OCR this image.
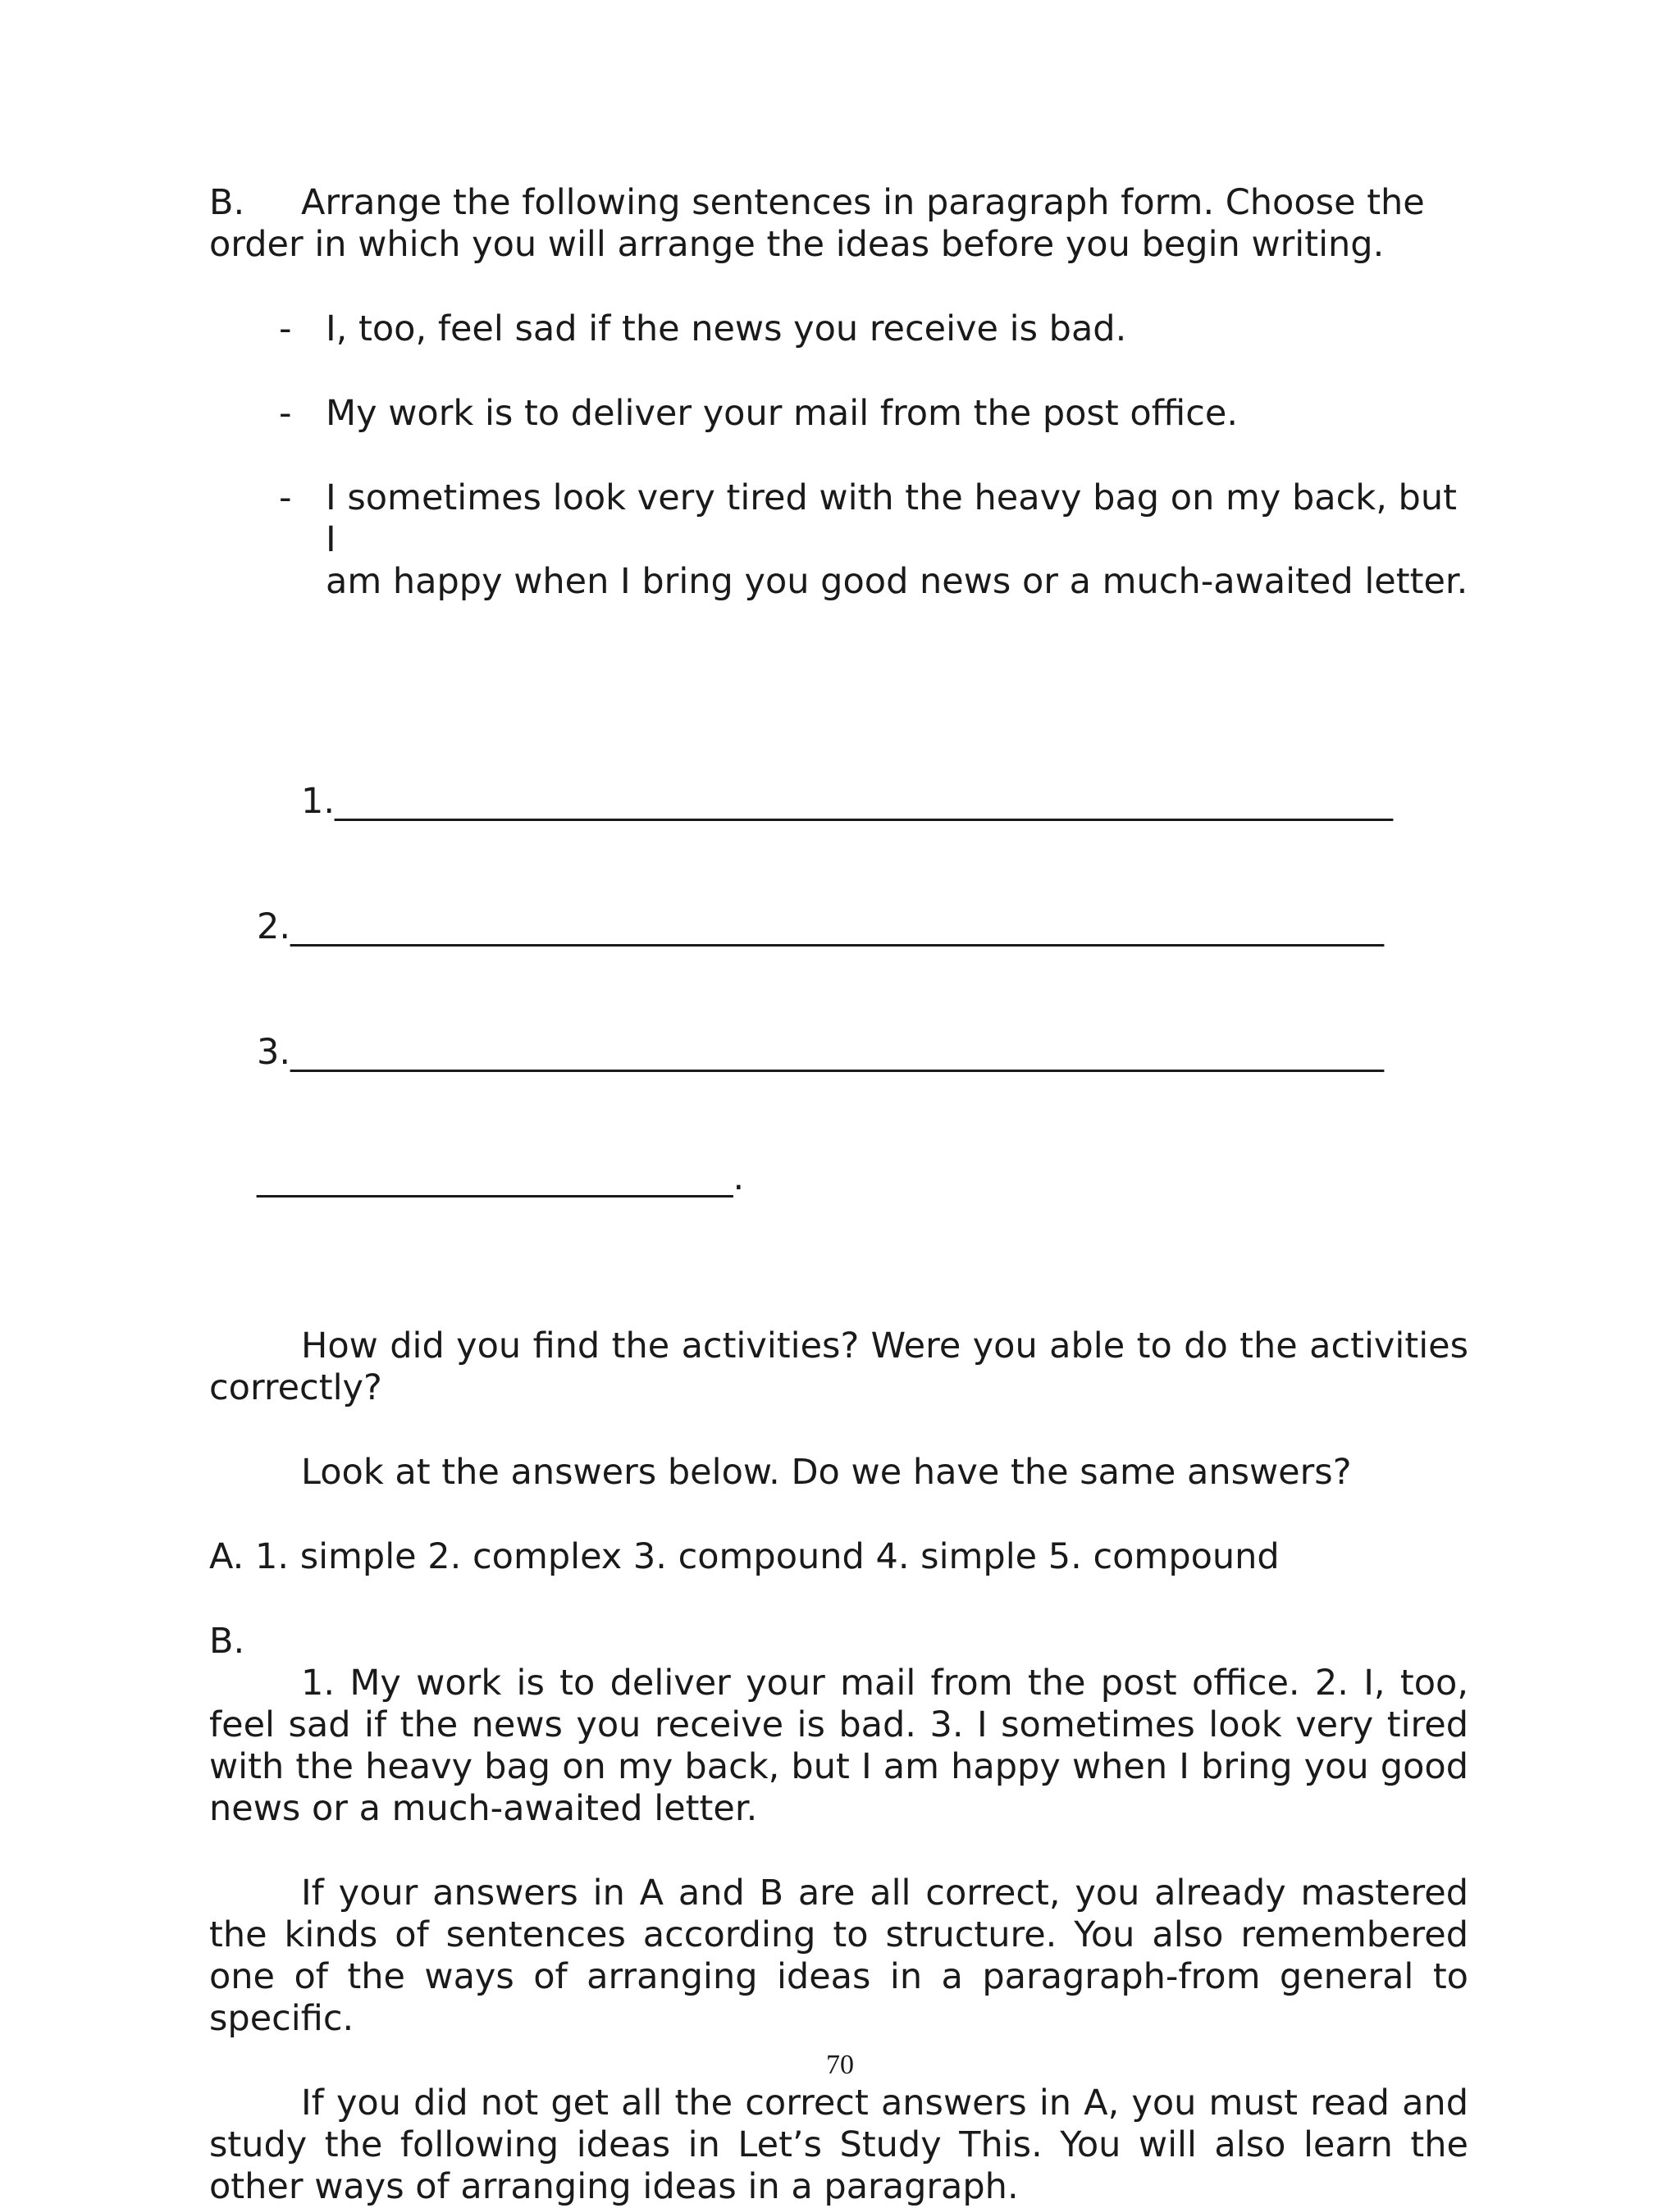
B.	Arrange the following sentences in paragraph form. Choose the

order in which you will arrange the ideas before you begin writing.

- I, too, feel sad if the news you receive is bad.
- My work is to deliver your mail from the post office.
- I sometimes look very tired with the heavy bag on my back, but I
am happy when I bring you good news or a much-awaited letter.

1.____________________________________________________________

2.______________________________________________________________

3.______________________________________________________________

___________________________.

How did you find the activities? Were you able to do the activities correctly?

Look at the answers below. Do we have the same answers?

A. 1. simple 2. complex 3. compound 4. simple 5. compound

B.

1. My work is to deliver your mail from the post office. 2. I, too, feel sad if the news you receive is bad. 3. I sometimes look very tired with the heavy bag on my back, but I am happy when I bring you good news or a much-awaited letter.

If your answers in A and B are all correct, you already mastered the kinds of sentences according to structure. You also remembered one of the ways of arranging ideas in a paragraph-from general to specific.

If you did not get all the correct answers in A, you must read and study the following ideas in Let’s Study This. You will also learn the other ways of arranging ideas in a paragraph.

70
